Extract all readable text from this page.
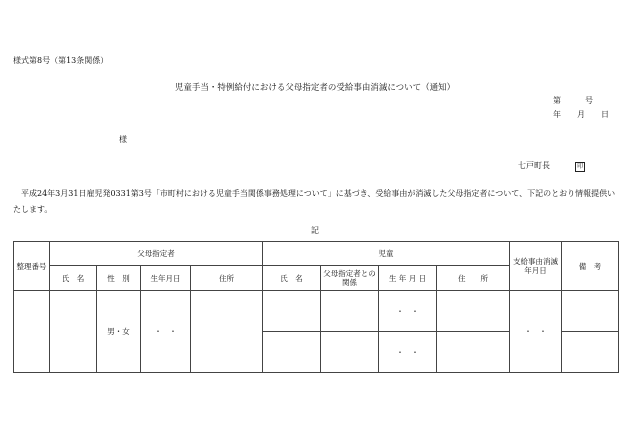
様式第8号（第13条関係）
児童手当・特例給付における父母指定者の受給事由消滅について（通知）
第　　　号
年　　月　　日
様
七戸町長	印
　平成24年3月31日雇児発0331第3号「市町村における児童手当関係事務処理について」に基づき、受給事由が消滅した父母指定者について、下記のとおり情報提供いたします。
記
整理番号	父母指定者				児童				支給事由消滅年月日	備　考
	氏　名	性　別	生年月日	住所	氏　名	父母指定者との関係	生 年 月 日	住　　所		
		男・女	・　・				・　・		・　・	
							・　・			
